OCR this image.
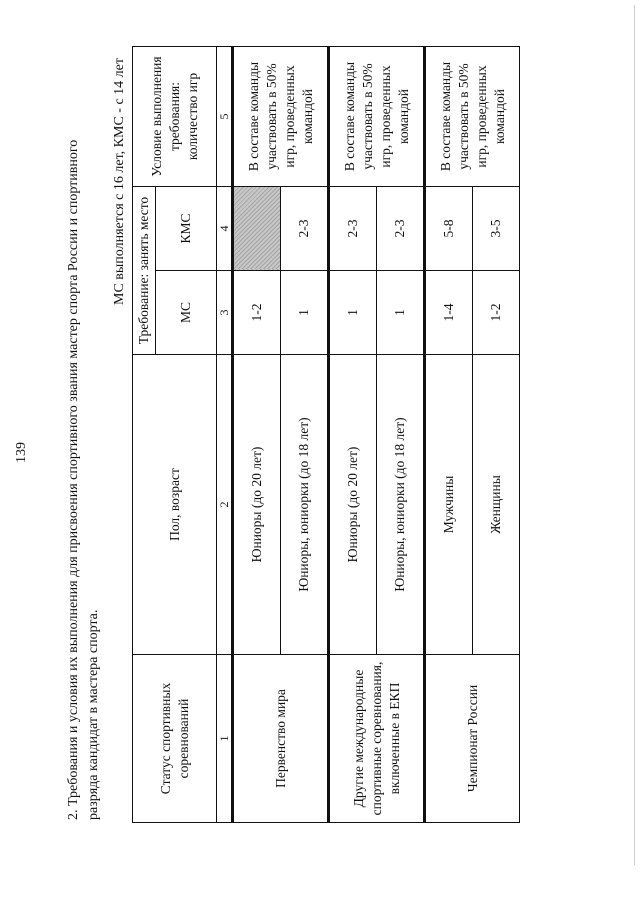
139	2. Требования и условия их выполнения для присвоения спортивного звания мастер спорта России и спортивного разряда кандидат в мастера спорта.
МС выполняется с 16 лет, КМС - с 14 лет
Статус спортивных соревнований	Пол, возраст	Требование: занять место		Условие выполнения требования: количество игр
		МС	КМС	
1	2	3	4	5
Первенство мира	Юниоры (до 20 лет)	1-2		В составе команды участвовать в 50% игр, проведенных командой
	Юниоры, юниорки (до 18 лет)	1	2-3	
Другие международные спортивные соревнования, включенные в ЕКП	Юниоры (до 20 лет)	1	2-3	В составе команды участвовать в 50% игр, проведенных командой
	Юниоры, юниорки (до 18 лет)	1	2-3	
Чемпионат России	Мужчины	1-4	5-8	В составе команды участвовать в 50% игр, проведенных командой
	Женщины	1-2	3-5	
